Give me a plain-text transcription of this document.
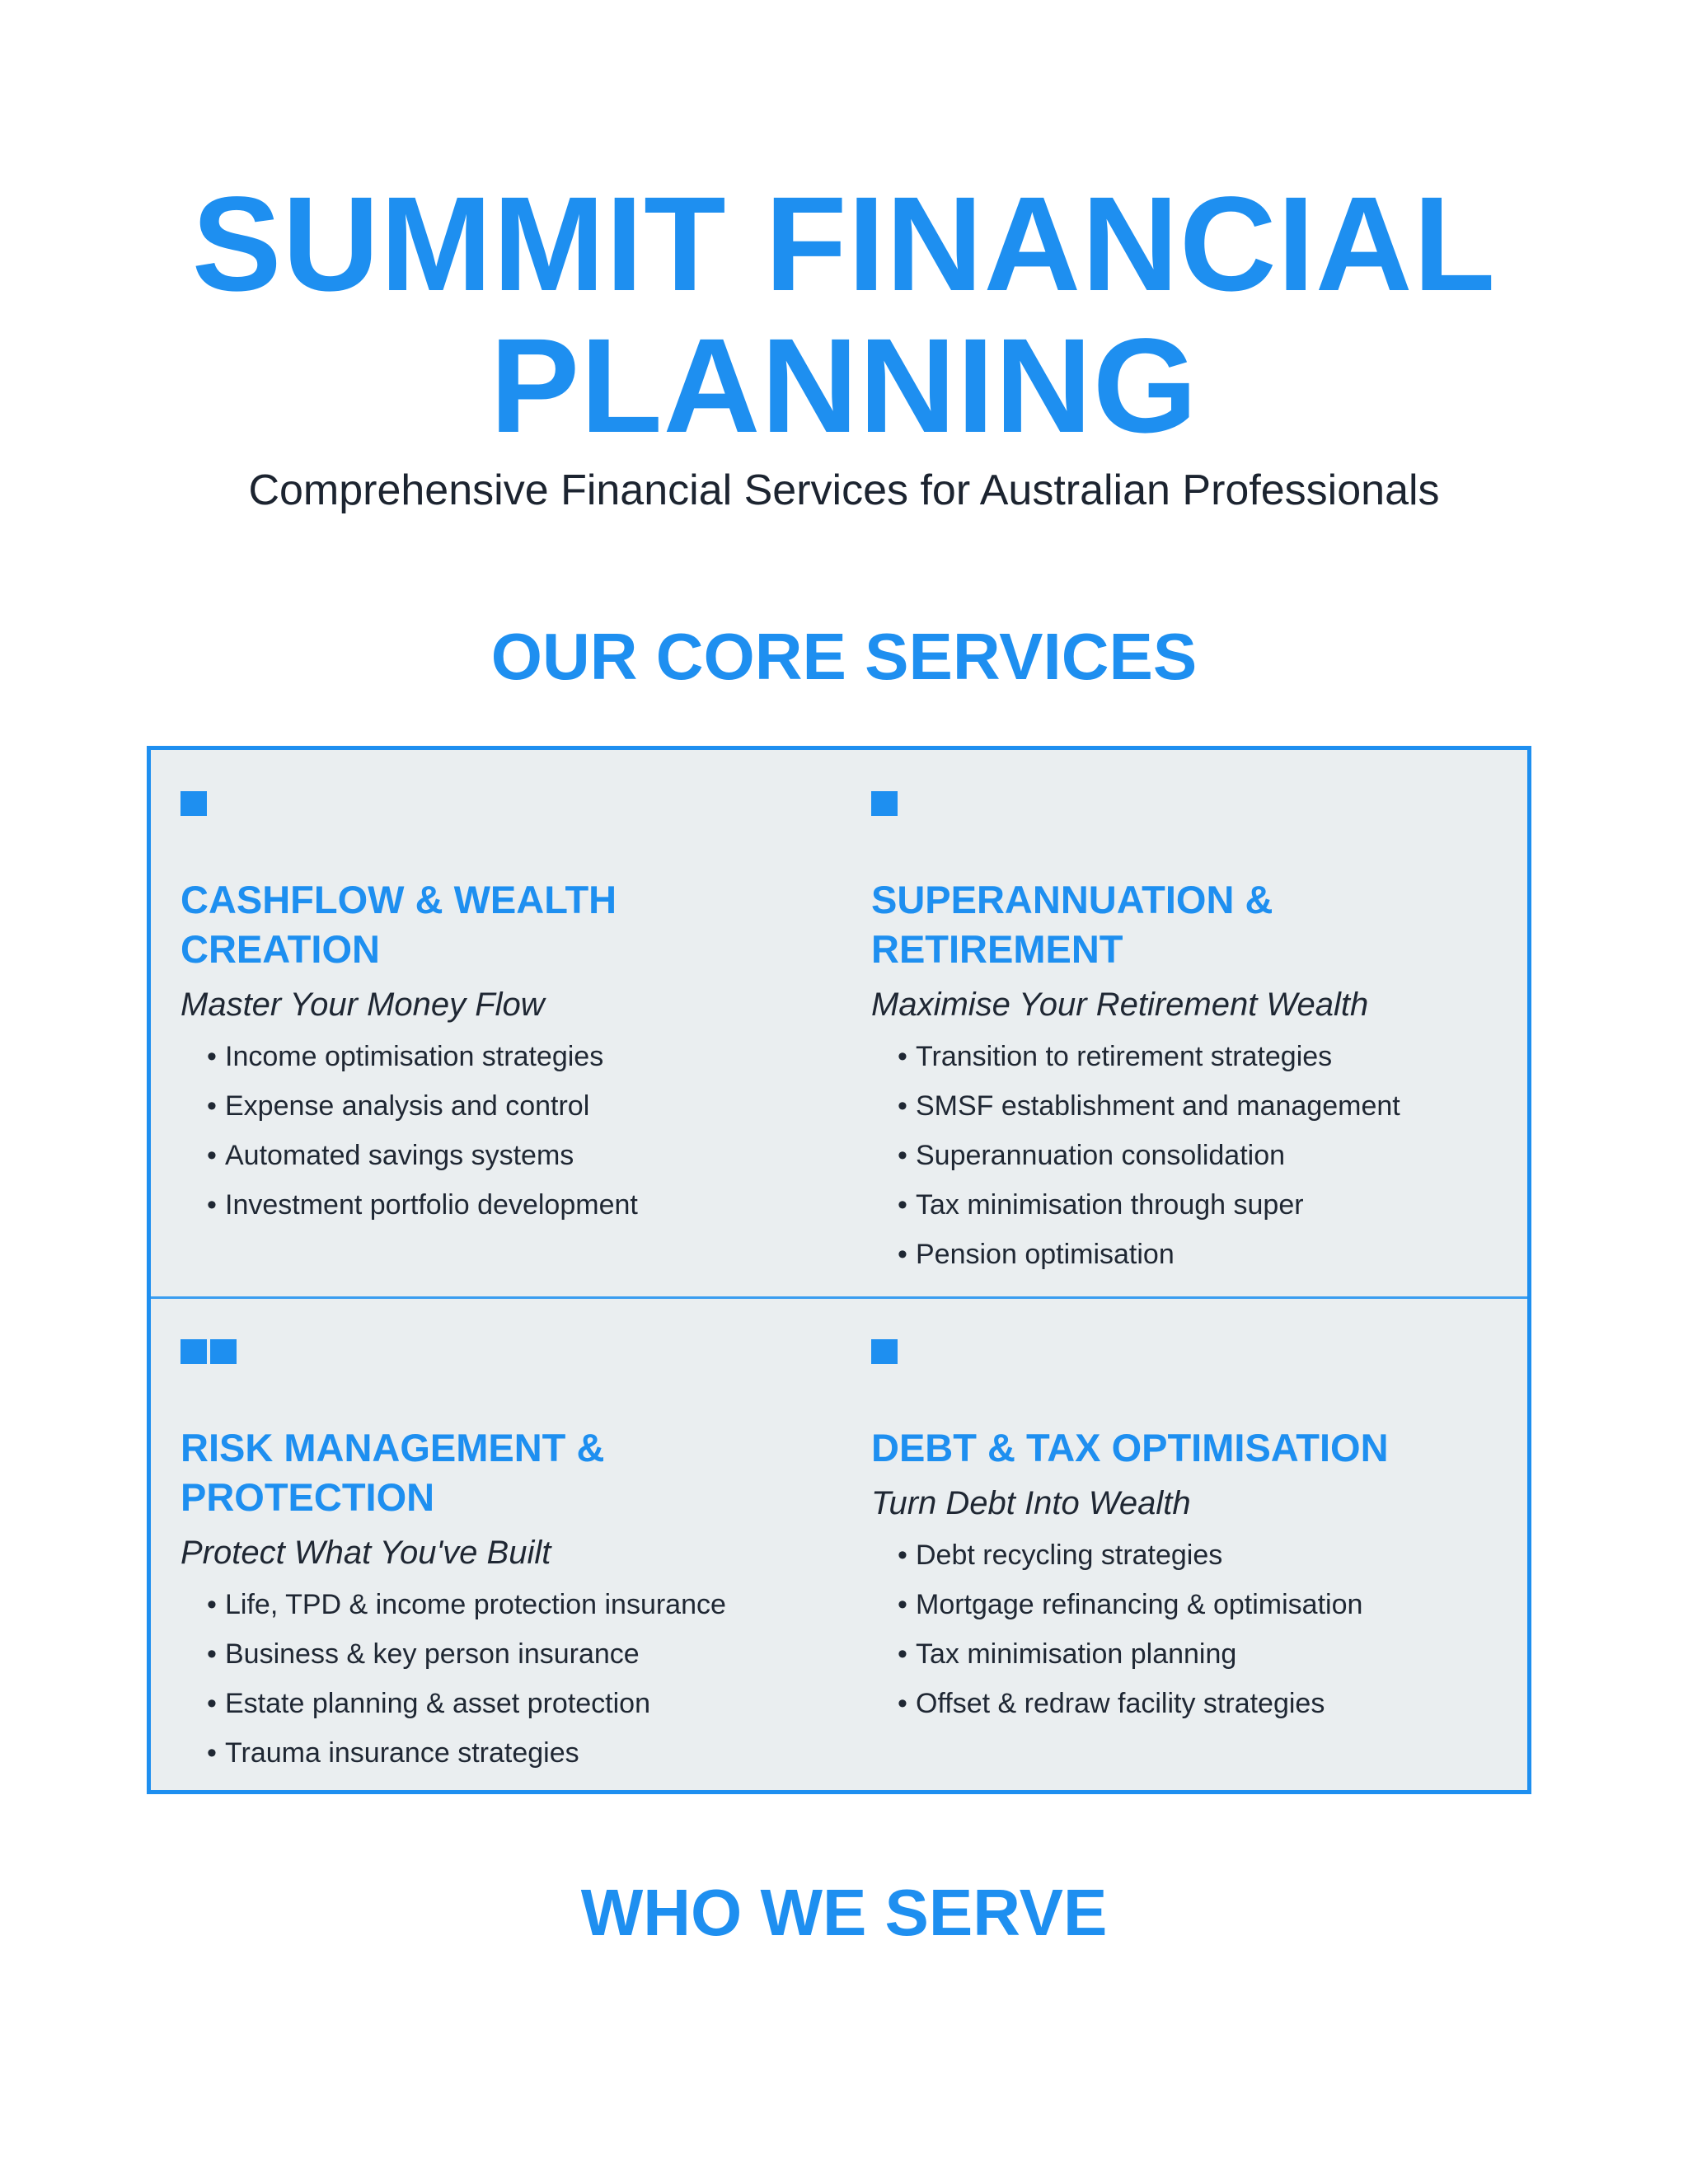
SUMMIT FINANCIAL
PLANNING

Comprehensive Financial Services for Australian Professionals

OUR CORE SERVICES
CASHFLOW & WEALTH
CREATION
Master Your Money Flow
• Income optimisation strategies
• Expense analysis and control
• Automated savings systems
• Investment portfolio development
SUPERANNUATION &
RETIREMENT
Maximise Your Retirement Wealth
• Transition to retirement strategies
• SMSF establishment and management
• Superannuation consolidation
• Tax minimisation through super
• Pension optimisation
RISK MANAGEMENT &
PROTECTION
Protect What You've Built
• Life, TPD & income protection insurance
• Business & key person insurance
• Estate planning & asset protection
• Trauma insurance strategies
DEBT & TAX OPTIMISATION
Turn Debt Into Wealth
• Debt recycling strategies
• Mortgage refinancing & optimisation
• Tax minimisation planning
• Offset & redraw facility strategies
WHO WE SERVE
